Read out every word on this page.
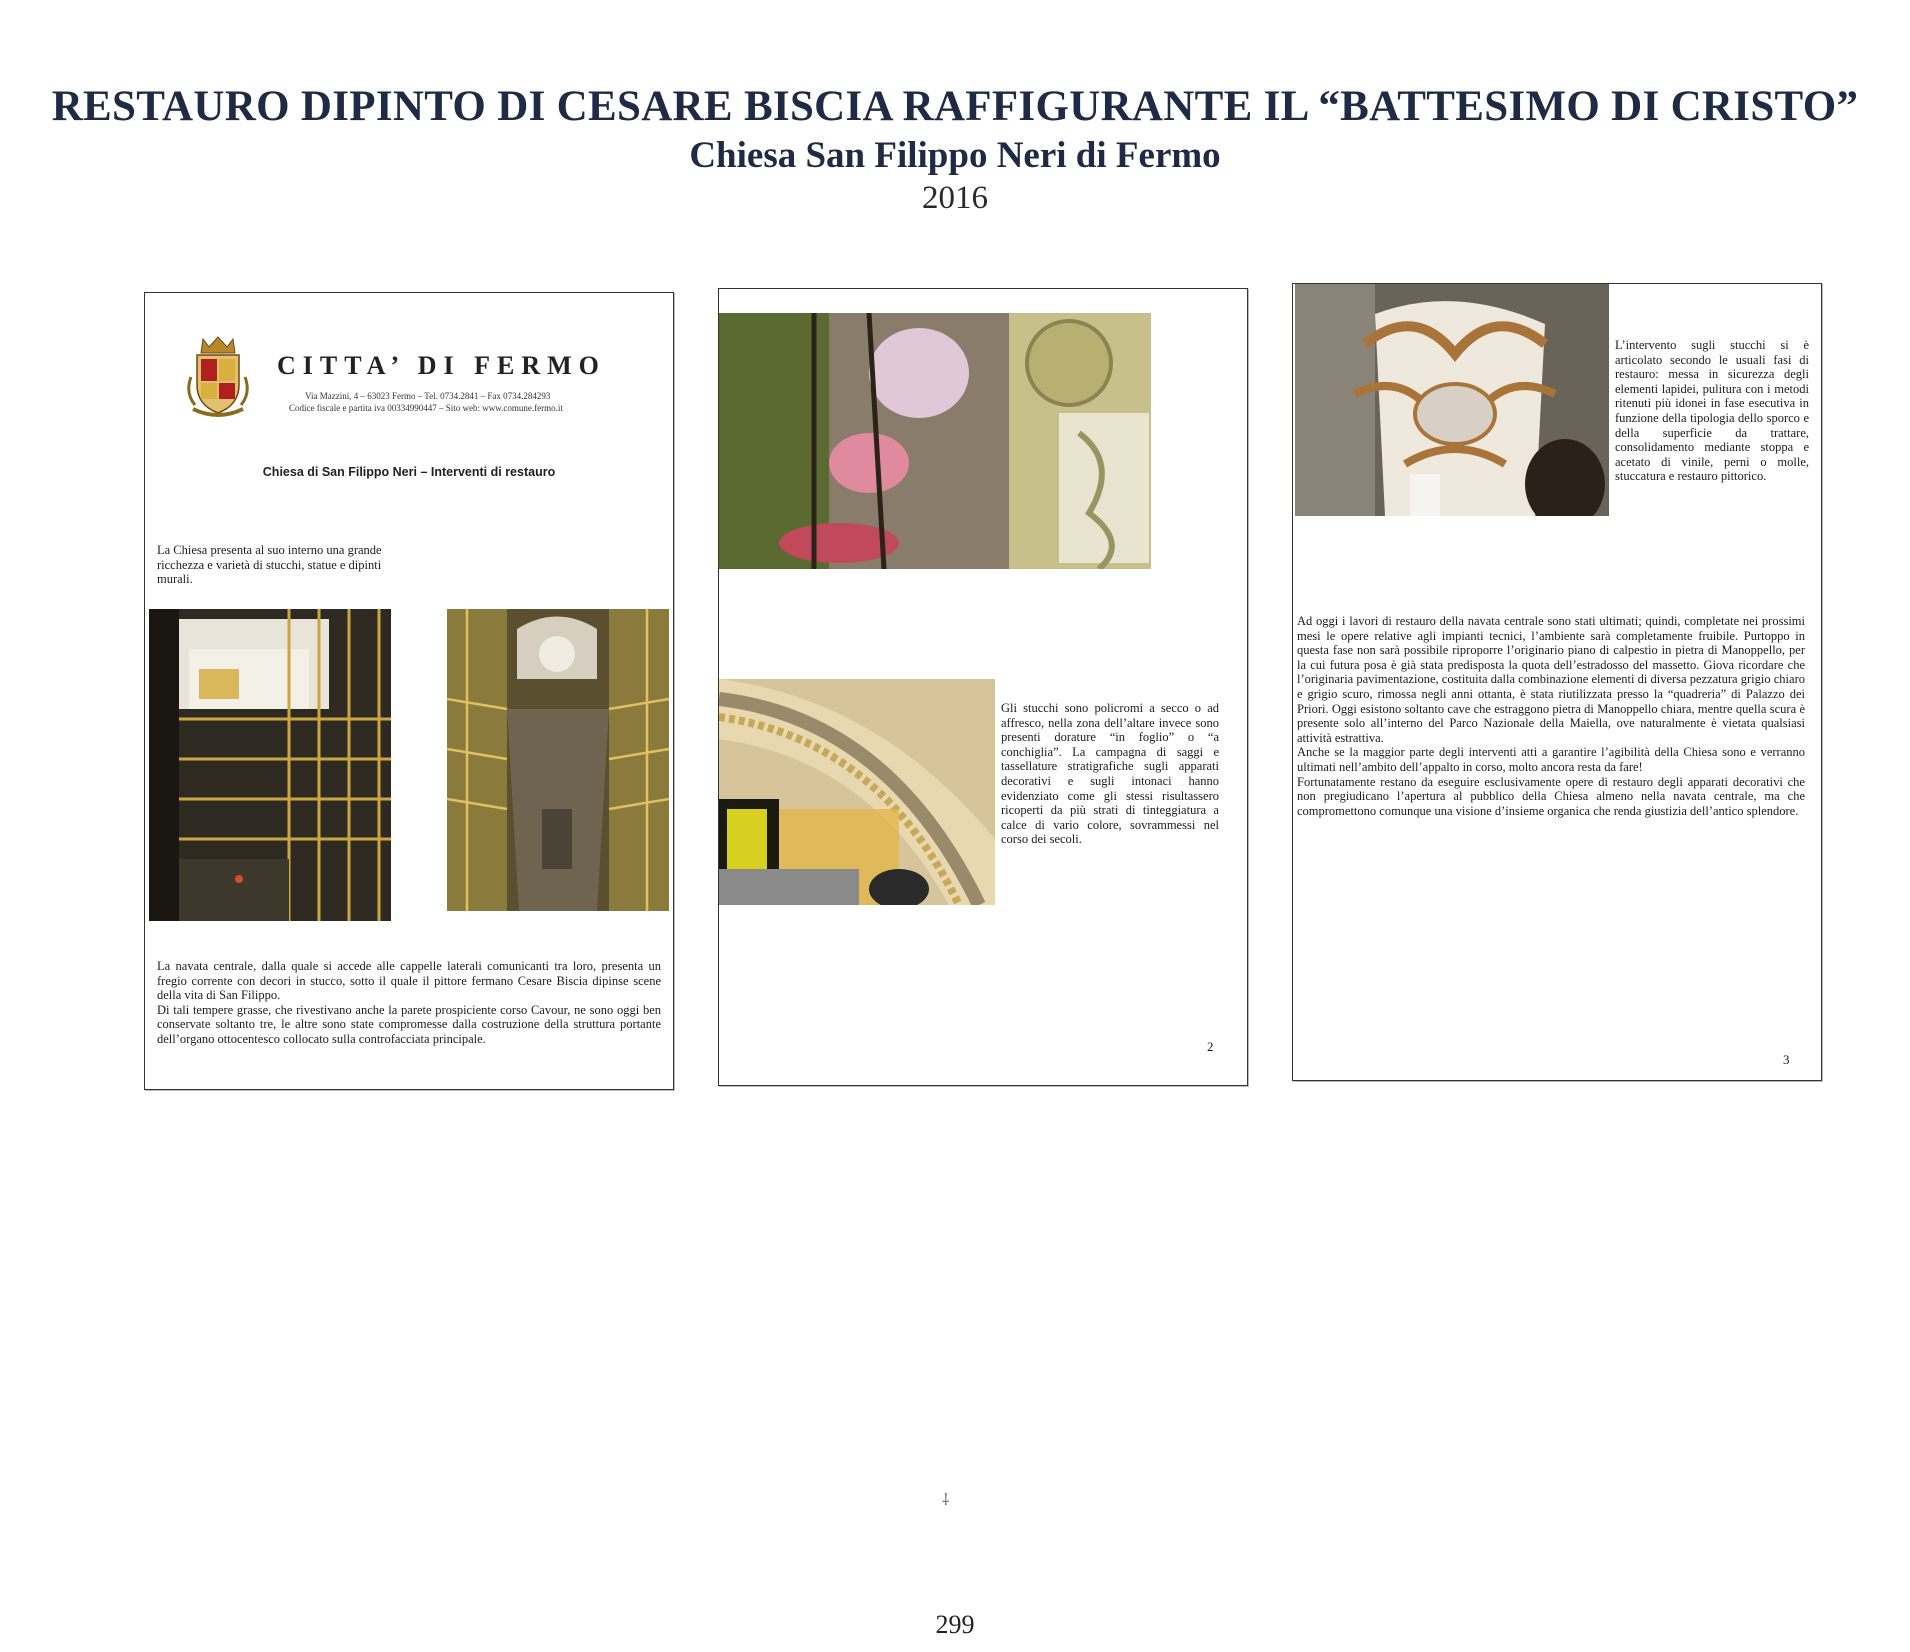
RESTAURO DIPINTO DI CESARE BISCIA RAFFIGURANTE IL “BATTESIMO DI CRISTO”
Chiesa San Filippo Neri di Fermo
2016
CITTA’ DI FERMO
Via Mazzini, 4 – 63023 Fermo – Tel. 0734.2841 – Fax 0734.284293
Codice fiscale e partita iva 00334990447 – Sito web: www.comune.fermo.it
Chiesa di San Filippo Neri – Interventi di restauro
La Chiesa presenta al suo interno una grande ricchezza e varietà di stucchi, statue e dipinti murali.
La navata centrale, dalla quale si accede alle cappelle laterali comunicanti tra loro, presenta un fregio corrente con decori in stucco, sotto il quale il pittore fermano Cesare Biscia dipinse scene della vita di San Filippo.
Di tali tempere grasse, che rivestivano anche la parete prospiciente corso Cavour, ne sono oggi ben conservate soltanto tre, le altre sono state compromesse dalla costruzione della struttura portante dell’organo ottocentesco collocato sulla controfacciata principale.
Gli stucchi sono policromi a secco o ad affresco, nella zona dell’altare invece sono presenti dorature “in foglio” o “a conchiglia”. La campagna di saggi e tassellature stratigrafiche sugli apparati decorativi e sugli intonaci hanno evidenziato come gli stessi risultassero ricoperti da più strati di tinteggiatura a calce di vario colore, sovrammessi nel corso dei secoli.
2
L’intervento sugli stucchi si è articolato secondo le usuali fasi di restauro: messa in sicurezza degli elementi lapidei, pulitura con i metodi ritenuti più idonei in fase esecutiva in funzione della tipologia dello sporco e della superficie da trattare, consolidamento mediante stoppa e acetato di vinile, perni o molle, stuccatura e restauro pittorico.
Ad oggi i lavori di restauro della navata centrale sono stati ultimati; quindi, completate nei prossimi mesi le opere relative agli impianti tecnici, l’ambiente sarà completamente fruibile. Purtoppo in questa fase non sarà possibile riproporre l’originario piano di calpestio in pietra di Manoppello, per la cui futura posa è già stata predisposta la quota dell’estradosso del massetto. Giova ricordare che l’originaria pavimentazione, costituita dalla combinazione elementi di diversa pezzatura grigio chiaro e grigio scuro, rimossa negli anni ottanta, è stata riutilizzata presso la “quadreria” di Palazzo dei Priori. Oggi esistono soltanto cave che estraggono pietra di Manoppello chiara, mentre quella scura è presente solo all’interno del Parco Nazionale della Maiella, ove naturalmente è vietata qualsiasi attività estrattiva.
Anche se la maggior parte degli interventi atti a garantire l’agibilità della Chiesa sono e verranno ultimati nell’ambito dell’appalto in corso, molto ancora resta da fare!
Fortunatamente restano da eseguire esclusivamente opere di restauro degli apparati decorativi che non pregiudicano l’apertura al pubblico della Chiesa almeno nella navata centrale, ma che compromettono comunque una visione d’insieme organica che renda giustizia dell’antico splendore.
3
⸸
299
